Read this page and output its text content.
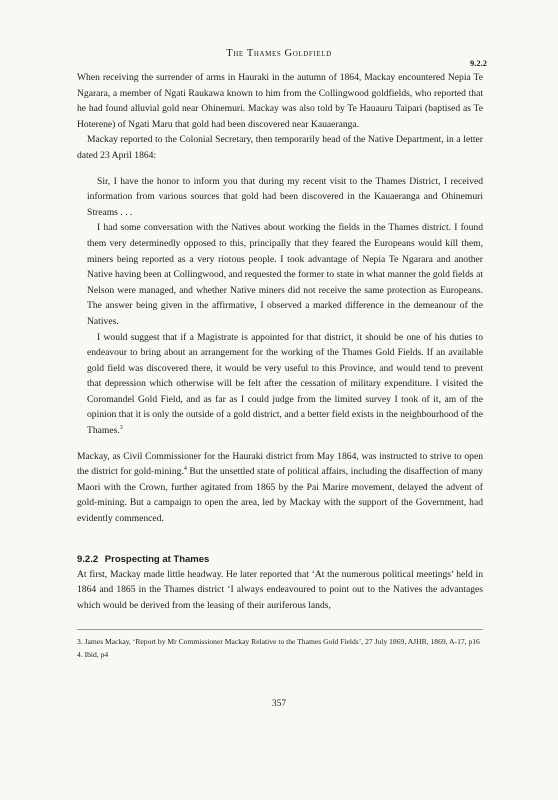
The Thames Goldfield
9.2.2

When receiving the surrender of arms in Hauraki in the autumn of 1864, Mackay encountered Nepia Te Ngarara, a member of Ngati Raukawa known to him from the Collingwood goldfields, who reported that he had found alluvial gold near Ohinemuri. Mackay was also told by Te Hauauru Taipari (baptised as Te Hoterene) of Ngati Maru that gold had been discovered near Kauaeranga.

Mackay reported to the Colonial Secretary, then temporarily head of the Native Department, in a letter dated 23 April 1864:

Sir, I have the honor to inform you that during my recent visit to the Thames District, I received information from various sources that gold had been discovered in the Kauaeranga and Ohinemuri Streams . . .

I had some conversation with the Natives about working the fields in the Thames district. I found them very determinedly opposed to this, principally that they feared the Europeans would kill them, miners being reported as a very riotous people. I took advantage of Nepia Te Ngarara and another Native having been at Collingwood, and requested the former to state in what manner the gold fields at Nelson were managed, and whether Native miners did not receive the same protection as Europeans. The answer being given in the affirmative, I observed a marked difference in the demeanour of the Natives.

I would suggest that if a Magistrate is appointed for that district, it should be one of his duties to endeavour to bring about an arrangement for the working of the Thames Gold Fields. If an available gold field was discovered there, it would be very useful to this Province, and would tend to prevent that depression which otherwise will be felt after the cessation of military expenditure. I visited the Coromandel Gold Field, and as far as I could judge from the limited survey I took of it, am of the opinion that it is only the outside of a gold district, and a better field exists in the neighbourhood of the Thames.$^3$

Mackay, as Civil Commissioner for the Hauraki district from May 1864, was instructed to strive to open the district for gold-mining.$^4$ But the unsettled state of political affairs, including the disaffection of many Maori with the Crown, further agitated from 1865 by the Pai Marire movement, delayed the advent of gold-mining. But a campaign to open the area, led by Mackay with the support of the Government, had evidently commenced.

9.2.2 Prospecting at Thames

At first, Mackay made little headway. He later reported that ‘At the numerous political meetings’ held in 1864 and 1865 in the Thames district ‘I always endeavoured to point out to the Natives the advantages which would be derived from the leasing of their auriferous lands,

3. James Mackay, ‘Report by Mr Commissioner Mackay Relative to the Thames Gold Fields’, 27 July 1869, AJHR, 1869, A-17, p16

4. Ibid, p4

357
